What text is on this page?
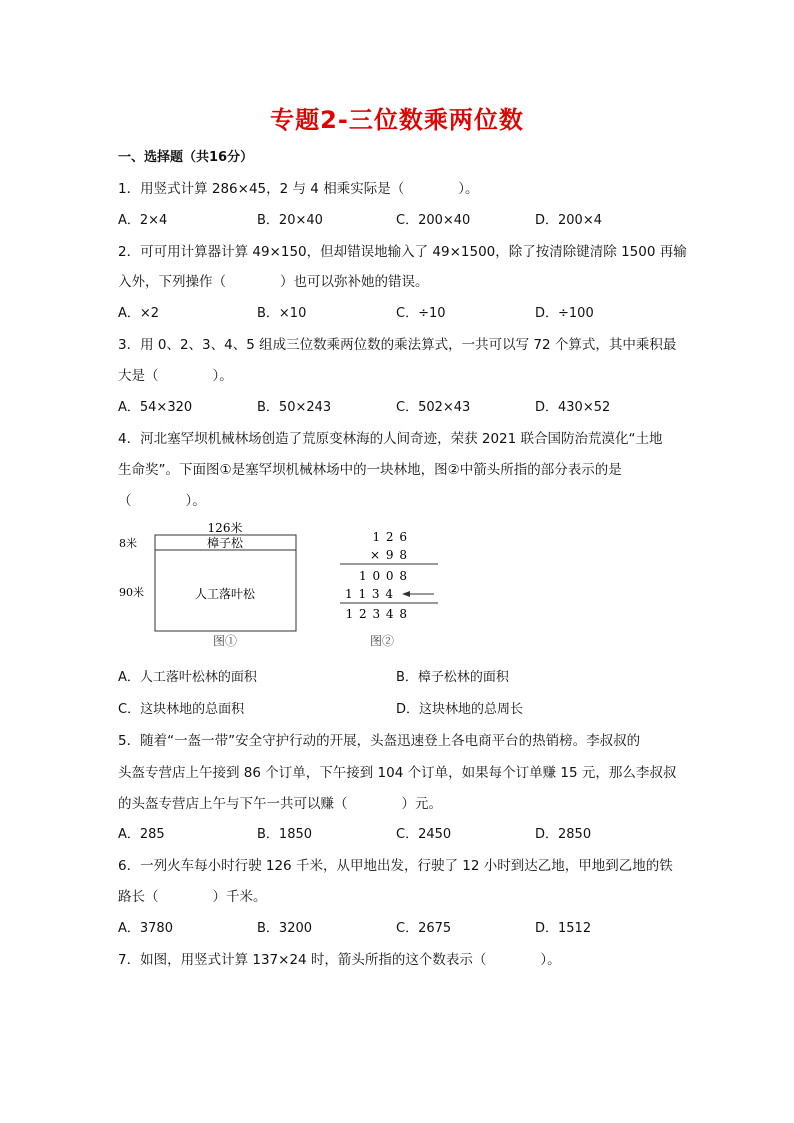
专题2-三位数乘两位数
一、选择题（共16分）
1．用竖式计算 286×45，2 与 4 相乘实际是（　　　　）。
A．2×4	B．20×40	C．200×40	D．200×4
2．可可用计算器计算 49×150，但却错误地输入了 49×1500，除了按清除键清除 1500 再输
入外，下列操作（　　　　）也可以弥补她的错误。
A．×2	B．×10	C．÷10	D．÷100
3．用 0、2、3、4、5 组成三位数乘两位数的乘法算式，一共可以写 72 个算式，其中乘积最
大是（　　　　）。
A．54×320	B．50×243	C．502×43	D．430×52
4．河北塞罕坝机械林场创造了荒原变林海的人间奇迹，荣获 2021 联合国防治荒漠化“土地
生命奖”。下面图①是塞罕坝机械林场中的一块林地，图②中箭头所指的部分表示的是
（　　　　）。
126米
樟子松
8米
人工落叶松
90米
图①
1 2 6
× 9 8
1 0 0 8
1 1 3 4
1 2 3 4 8
图②
A．人工落叶松林的面积	B．樟子松林的面积
C．这块林地的总面积	D．这块林地的总周长
5．随着“一盔一带”安全守护行动的开展，头盔迅速登上各电商平台的热销榜。李叔叔的
头盔专营店上午接到 86 个订单，下午接到 104 个订单，如果每个订单赚 15 元，那么李叔叔
的头盔专营店上午与下午一共可以赚（　　　　）元。
A．285	B．1850	C．2450	D．2850
6．一列火车每小时行驶 126 千米，从甲地出发，行驶了 12 小时到达乙地，甲地到乙地的铁
路长（　　　　）千米。
A．3780	B．3200	C．2675	D．1512
7．如图，用竖式计算 137×24 时，箭头所指的这个数表示（　　　　）。
